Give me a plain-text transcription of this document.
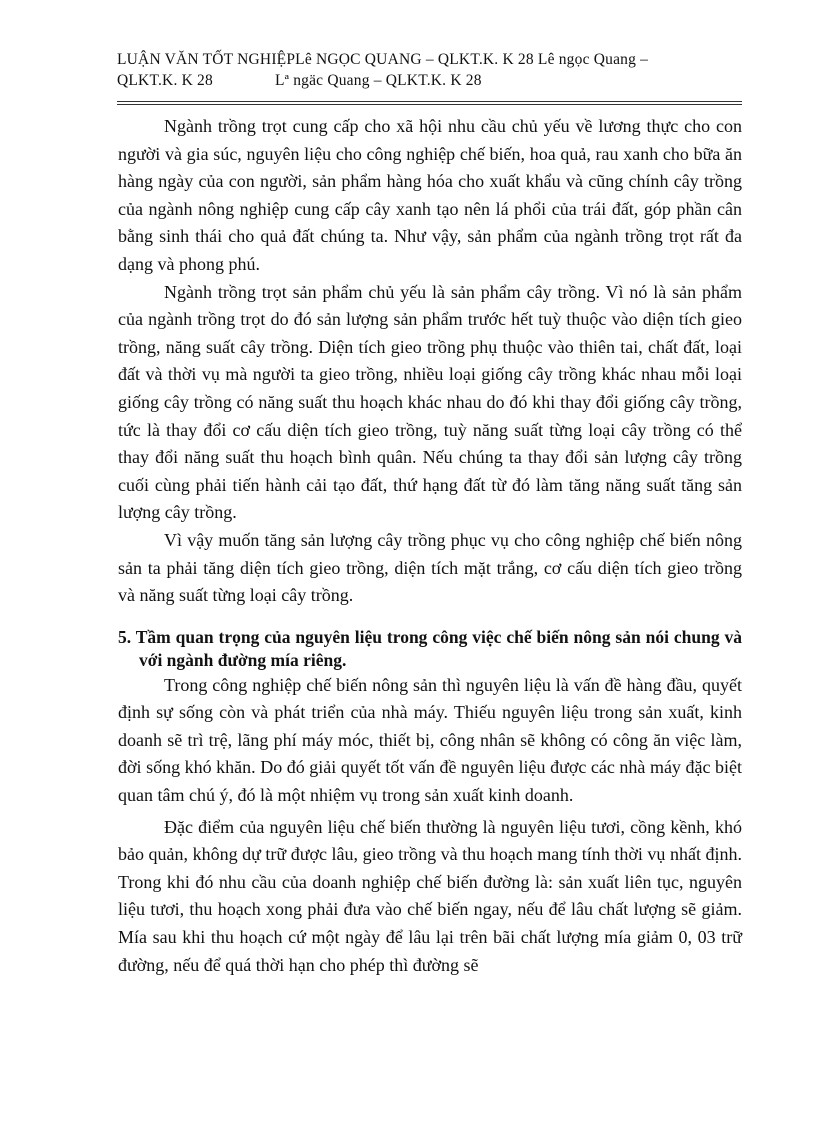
LUẬN VĂN TỐT NGHIỆPLê NGỌC QUANG – QLKT.K. K 28 Lê ngọc Quang –
QLKT.K. K 28	Lª ngäc Quang – QLKT.K. K 28

Ngành trồng trọt cung cấp cho xã hội nhu cầu chủ yếu về lương thực cho con người và gia súc, nguyên liệu cho công nghiệp chế biến, hoa quả, rau xanh cho bữa ăn hàng ngày của con người, sản phẩm hàng hóa cho xuất khẩu và cũng chính cây trồng của ngành nông nghiệp cung cấp cây xanh tạo nên lá phổi của trái đất, góp phần cân bằng sinh thái cho quả đất chúng ta. Như vậy, sản phẩm của ngành trồng trọt rất đa dạng và phong phú.

Ngành trồng trọt sản phẩm chủ yếu là sản phẩm cây trồng. Vì nó là sản phẩm của ngành trồng trọt do đó sản lượng sản phẩm trước hết tuỳ thuộc vào diện tích gieo trồng, năng suất cây trồng. Diện tích gieo trồng phụ thuộc vào thiên tai, chất đất, loại đất và thời vụ mà người ta gieo trồng, nhiều loại giống cây trồng khác nhau mỗi loại giống cây trồng có năng suất thu hoạch khác nhau do đó khi thay đổi giống cây trồng, tức là thay đổi cơ cấu diện tích gieo trồng, tuỳ năng suất từng loại cây trồng có thể thay đổi năng suất thu hoạch bình quân. Nếu chúng ta thay đổi sản lượng cây trồng cuối cùng phải tiến hành cải tạo đất, thứ hạng đất từ đó làm tăng năng suất tăng sản lượng cây trồng.

Vì vậy muốn tăng sản lượng cây trồng phục vụ cho công nghiệp chế biến nông sản ta phải tăng diện tích gieo trồng, diện tích mặt trắng, cơ cấu diện tích gieo trồng và năng suất từng loại cây trồng.

5. Tầm quan trọng của nguyên liệu trong công việc chế biến nông sản nói chung và với ngành đường mía riêng.

Trong công nghiệp chế biến nông sản thì nguyên liệu là vấn đề hàng đầu, quyết định sự sống còn và phát triển của nhà máy. Thiếu nguyên liệu trong sản xuất, kinh doanh sẽ trì trệ, lãng phí máy móc, thiết bị, công nhân sẽ không có công ăn việc làm, đời sống khó khăn. Do đó giải quyết tốt vấn đề nguyên liệu được các nhà máy đặc biệt quan tâm chú ý, đó là một nhiệm vụ trong sản xuất kinh doanh.

Đặc điểm của nguyên liệu chế biến thường là nguyên liệu tươi, cồng kềnh, khó bảo quản, không dự trữ được lâu, gieo trồng và thu hoạch mang tính thời vụ nhất định. Trong khi đó nhu cầu của doanh nghiệp chế biến đường là: sản xuất liên tục, nguyên liệu tươi, thu hoạch xong phải đưa vào chế biến ngay, nếu để lâu chất lượng sẽ giảm. Mía sau khi thu hoạch cứ một ngày để lâu lại trên bãi chất lượng mía giảm 0, 03 trữ đường, nếu để quá thời hạn cho phép thì đường sẽ
